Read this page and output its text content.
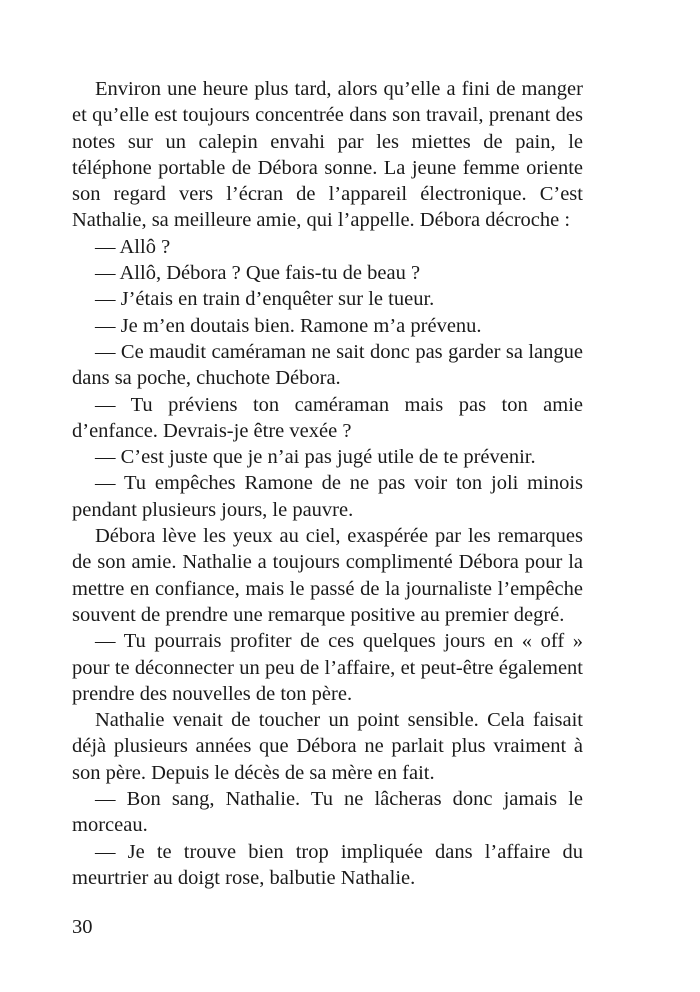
Environ une heure plus tard, alors qu’elle a fini de manger et qu’elle est toujours concentrée dans son travail, prenant des notes sur un calepin envahi par les miettes de pain, le téléphone portable de Débora sonne. La jeune femme oriente son regard vers l’écran de l’appareil électronique. C’est Nathalie, sa meilleure amie, qui l’appelle. Débora décroche :

— Allô ?

— Allô, Débora ? Que fais-tu de beau ?

— J’étais en train d’enquêter sur le tueur.

— Je m’en doutais bien. Ramone m’a prévenu.

— Ce maudit caméraman ne sait donc pas garder sa langue dans sa poche, chuchote Débora.

— Tu préviens ton caméraman mais pas ton amie d’enfance. Devrais-je être vexée ?

— C’est juste que je n’ai pas jugé utile de te prévenir.

— Tu empêches Ramone de ne pas voir ton joli minois pendant plusieurs jours, le pauvre.

Débora lève les yeux au ciel, exaspérée par les remarques de son amie. Nathalie a toujours complimenté Débora pour la mettre en confiance, mais le passé de la journaliste l’empêche souvent de prendre une remarque positive au premier degré.

— Tu pourrais profiter de ces quelques jours en « off » pour te déconnecter un peu de l’affaire, et peut-être également prendre des nouvelles de ton père.

Nathalie venait de toucher un point sensible. Cela faisait déjà plusieurs années que Débora ne parlait plus vraiment à son père. Depuis le décès de sa mère en fait.

— Bon sang, Nathalie. Tu ne lâcheras donc jamais le morceau.

— Je te trouve bien trop impliquée dans l’affaire du meurtrier au doigt rose, balbutie Nathalie.

30
